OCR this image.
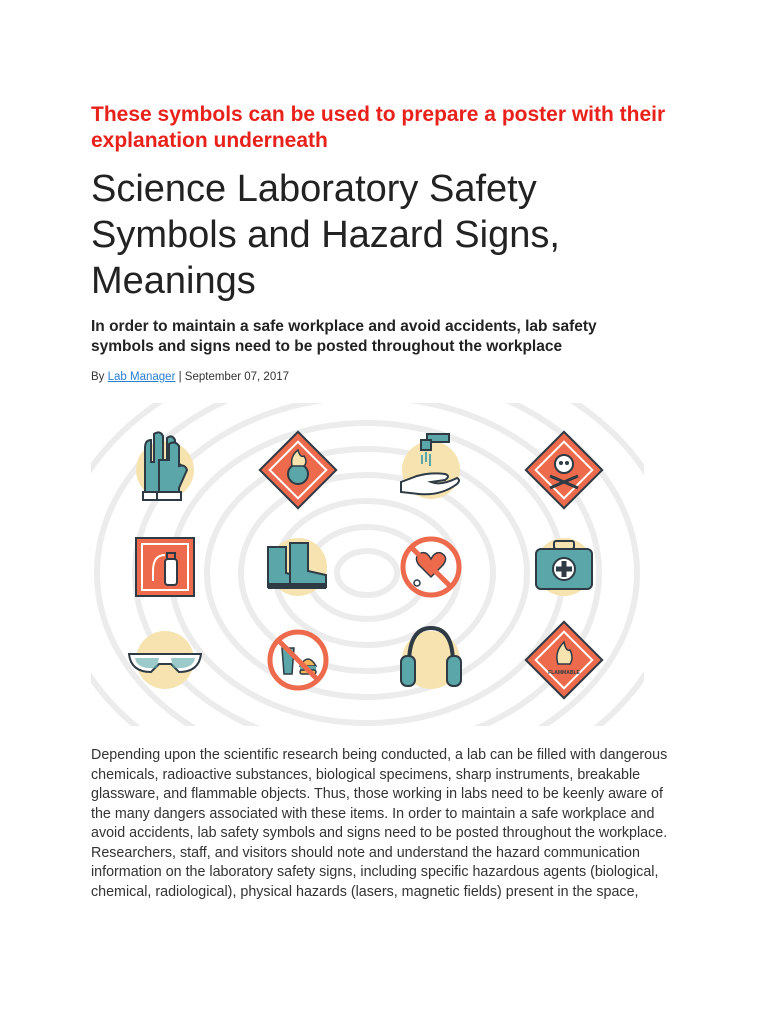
These symbols can be used to prepare a poster with their explanation underneath
Science Laboratory Safety Symbols and Hazard Signs, Meanings

In order to maintain a safe workplace and avoid accidents, lab safety symbols and signs need to be posted throughout the workplace

By Lab Manager | September 07, 2017
FLAMMABLE

Depending upon the scientific research being conducted, a lab can be filled with dangerous chemicals, radioactive substances, biological specimens, sharp instruments, breakable glassware, and flammable objects. Thus, those working in labs need to be keenly aware of the many dangers associated with these items. In order to maintain a safe workplace and avoid accidents, lab safety symbols and signs need to be posted throughout the workplace. Researchers, staff, and visitors should note and understand the hazard communication information on the laboratory safety signs, including specific hazardous agents (biological, chemical, radiological), physical hazards (lasers, magnetic fields) present in the space,
